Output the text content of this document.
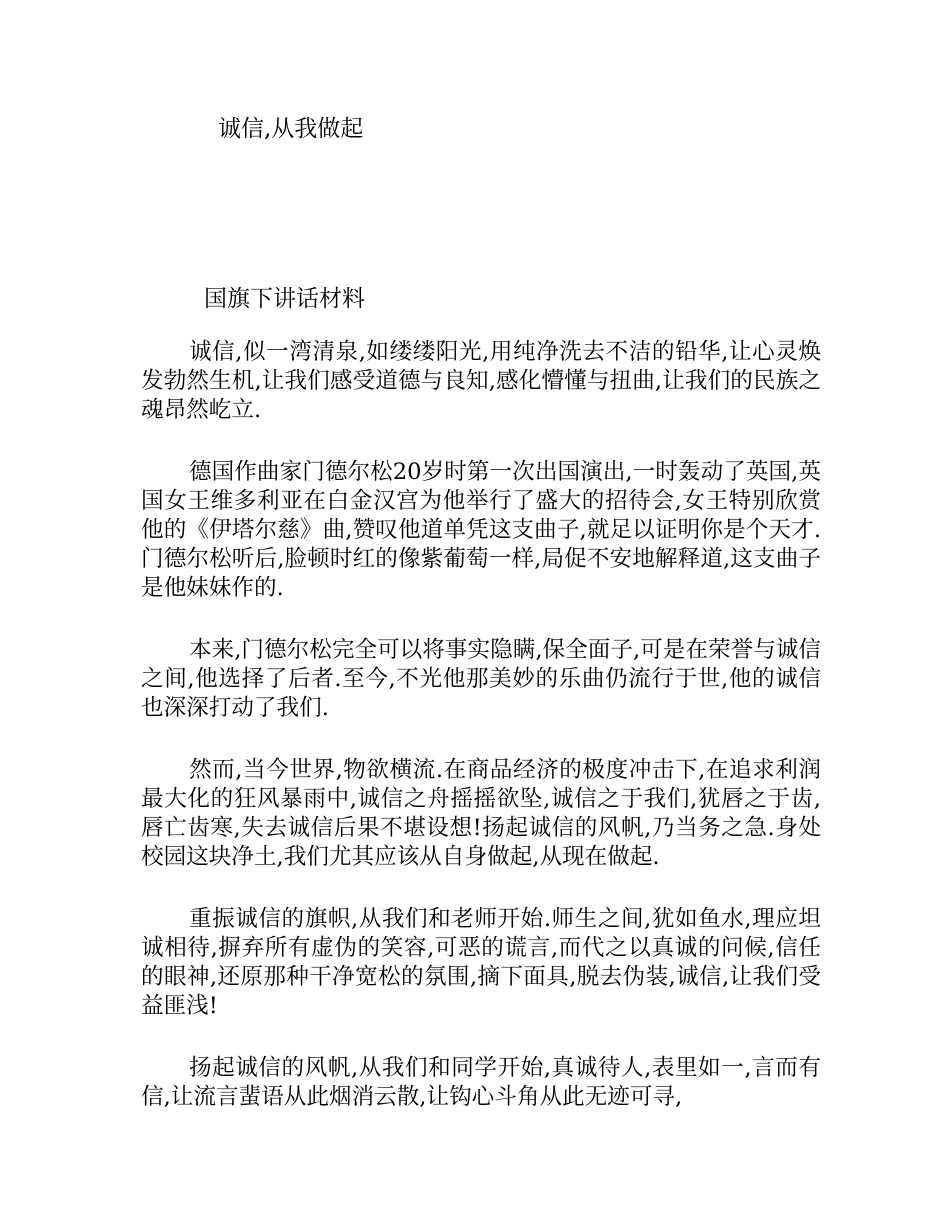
诚信,从我做起
国旗下讲话材料

诚信,似一湾清泉,如缕缕阳光,用纯净洗去不洁的铅华,让心灵焕发勃然生机,让我们感受道德与良知,感化懵懂与扭曲,让我们的民族之魂昂然屹立.

德国作曲家门德尔松20岁时第一次出国演出,一时轰动了英国,英国女王维多利亚在白金汉宫为他举行了盛大的招待会,女王特别欣赏他的《伊塔尔慈》曲,赞叹他道单凭这支曲子,就足以证明你是个天才.门德尔松听后,脸顿时红的像紫葡萄一样,局促不安地解释道,这支曲子是他妹妹作的.

本来,门德尔松完全可以将事实隐瞒,保全面子,可是在荣誉与诚信之间,他选择了后者.至今,不光他那美妙的乐曲仍流行于世,他的诚信也深深打动了我们.

然而,当今世界,物欲横流.在商品经济的极度冲击下,在追求利润最大化的狂风暴雨中,诚信之舟摇摇欲坠,诚信之于我们,犹唇之于齿,唇亡齿寒,失去诚信后果不堪设想!扬起诚信的风帆,乃当务之急.身处校园这块净土,我们尤其应该从自身做起,从现在做起.

重振诚信的旗帜,从我们和老师开始.师生之间,犹如鱼水,理应坦诚相待,摒弃所有虚伪的笑容,可恶的谎言,而代之以真诚的问候,信任的眼神,还原那种干净宽松的氛围,摘下面具,脱去伪装,诚信,让我们受益匪浅!

扬起诚信的风帆,从我们和同学开始,真诚待人,表里如一,言而有信,让流言蜚语从此烟消云散,让钩心斗角从此无迹可寻,
